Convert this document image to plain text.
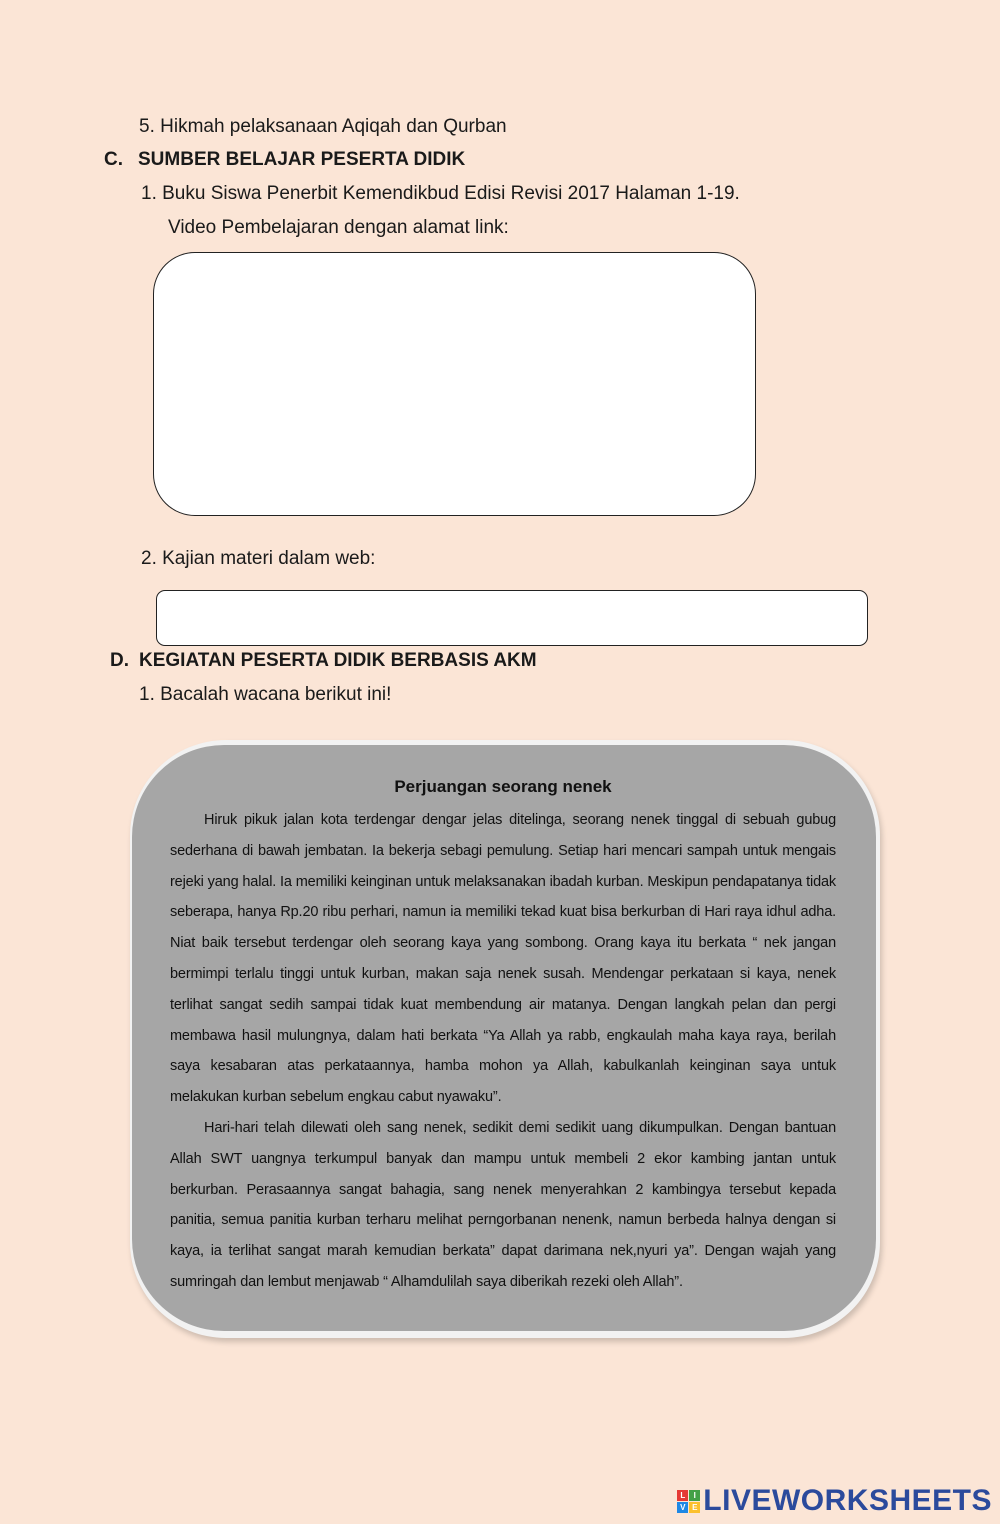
5. Hikmah pelaksanaan Aqiqah dan Qurban
C. SUMBER BELAJAR PESERTA DIDIK
1. Buku Siswa Penerbit Kemendikbud Edisi Revisi 2017 Halaman 1-19.
Video Pembelajaran dengan alamat link:
2. Kajian materi dalam web:
D. KEGIATAN PESERTA DIDIK BERBASIS AKM
1. Bacalah wacana berikut ini!
Perjuangan seorang nenek

Hiruk pikuk jalan kota terdengar dengar jelas ditelinga, seorang nenek tinggal di sebuah gubug sederhana di bawah jembatan. Ia bekerja sebagi pemulung. Setiap hari mencari sampah untuk mengais rejeki yang halal. Ia memiliki keinginan untuk melaksanakan ibadah kurban. Meskipun pendapatanya tidak seberapa, hanya Rp.20 ribu perhari, namun ia memiliki tekad kuat bisa berkurban di Hari raya idhul adha. Niat baik tersebut terdengar oleh seorang kaya yang sombong. Orang kaya itu berkata “ nek jangan bermimpi terlalu tinggi untuk kurban, makan saja nenek susah. Mendengar perkataan si kaya, nenek terlihat sangat sedih sampai tidak kuat membendung air matanya. Dengan langkah pelan dan pergi membawa hasil mulungnya, dalam hati berkata “Ya Allah ya rabb, engkaulah maha kaya raya, berilah saya kesabaran atas perkataannya, hamba mohon ya Allah, kabulkanlah keinginan saya untuk melakukan kurban sebelum engkau cabut nyawaku”.

Hari-hari telah dilewati oleh sang nenek, sedikit demi sedikit uang dikumpulkan. Dengan bantuan Allah SWT uangnya terkumpul banyak dan mampu untuk membeli 2 ekor kambing jantan untuk berkurban. Perasaannya sangat bahagia, sang nenek menyerahkan 2 kambingya tersebut kepada panitia, semua panitia kurban terharu melihat perngorbanan nenenk, namun berbeda halnya dengan si kaya, ia terlihat sangat marah kemudian berkata” dapat darimana nek,nyuri ya”. Dengan wajah yang sumringah dan lembut menjawab “ Alhamdulilah saya diberikah rezeki oleh Allah”.

L	I
V E LIVEWORKSHEETS
